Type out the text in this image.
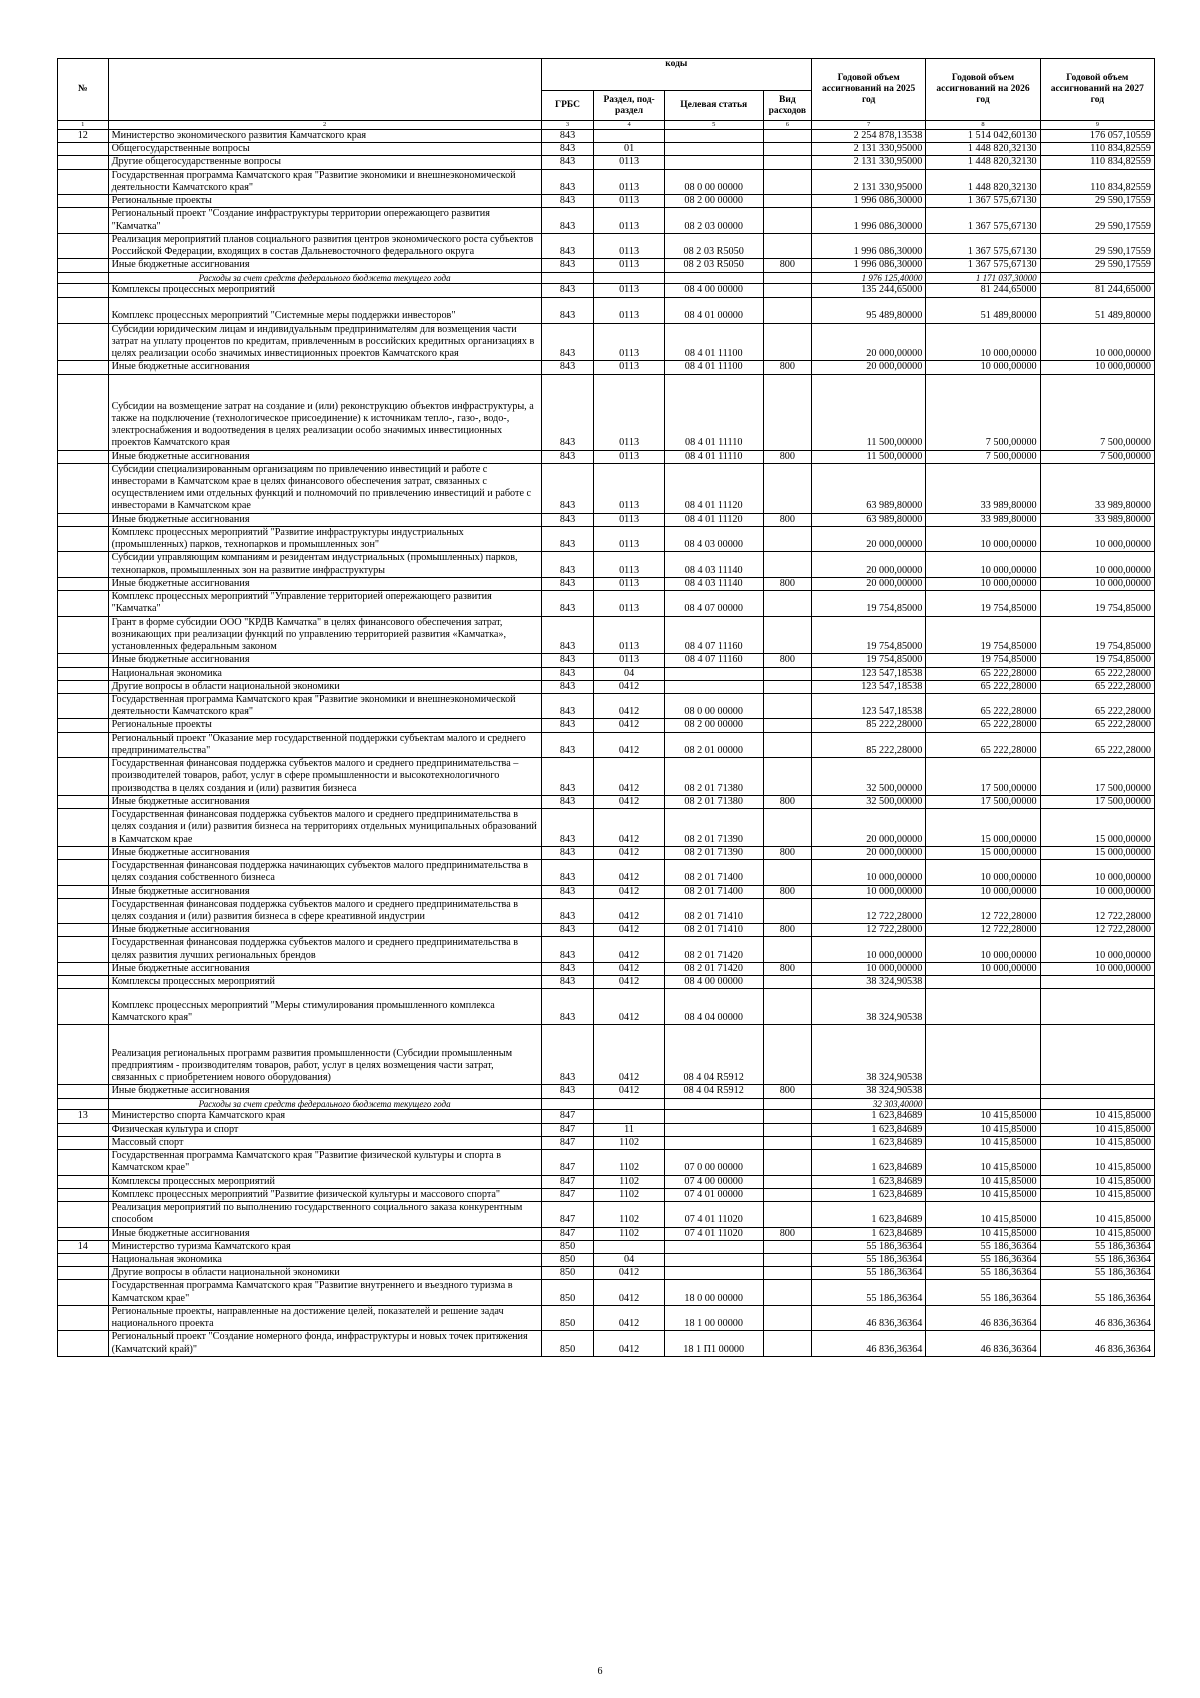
№		коды				Годовой объем ассигнований на 2025 год	Годовой объем ассигнований на 2026 год	Годовой объем ассигнований на 2027 год
		ГРБС	Раздел, под-раздел	Целевая статья	Вид расходов			
1	2	3	4	5	6	7	8	9
12	Министерство экономического развития Камчатского края	843				2 254 878,13538	1 514 042,60130	176 057,10559
	Общегосударственные вопросы	843	01			2 131 330,95000	1 448 820,32130	110 834,82559
	Другие общегосударственные вопросы	843	0113			2 131 330,95000	1 448 820,32130	110 834,82559
	Государственная программа Камчатского края "Развитие экономики и внешнеэкономической деятельности Камчатского края"	843	0113	08 0 00 00000		2 131 330,95000	1 448 820,32130	110 834,82559
	Региональные проекты	843	0113	08 2 00 00000		1 996 086,30000	1 367 575,67130	29 590,17559
	Региональный проект "Создание инфраструктуры территории опережающего развития "Камчатка"	843	0113	08 2 03 00000		1 996 086,30000	1 367 575,67130	29 590,17559
	Реализация мероприятий планов социального развития центров экономического роста субъектов Российской Федерации, входящих в состав Дальневосточного федерального округа	843	0113	08 2 03 R5050		1 996 086,30000	1 367 575,67130	29 590,17559
	Иные бюджетные ассигнования	843	0113	08 2 03 R5050	800	1 996 086,30000	1 367 575,67130	29 590,17559
	Расходы за счет средств федерального бюджета текущего года					1 976 125,40000	1 171 037,30000	
	Комплексы процессных мероприятий	843	0113	08 4 00 00000		135 244,65000	81 244,65000	81 244,65000
	Комплекс процессных мероприятий "Системные меры поддержки инвесторов"	843	0113	08 4 01 00000		95 489,80000	51 489,80000	51 489,80000
	Субсидии юридическим лицам и индивидуальным предпринимателям для возмещения части затрат на уплату процентов по кредитам, привлеченным в российских кредитных организациях в целях реализации особо значимых инвестиционных проектов Камчатского края	843	0113	08 4 01 11100		20 000,00000	10 000,00000	10 000,00000
	Иные бюджетные ассигнования	843	0113	08 4 01 11100	800	20 000,00000	10 000,00000	10 000,00000
	Субсидии на возмещение затрат на создание и (или) реконструкцию объектов инфраструктуры, а также на подключение (технологическое присоединение) к источникам тепло-, газо-, водо-, электроснабжения и водоотведения в целях реализации особо значимых инвестиционных проектов Камчатского края	843	0113	08 4 01 11110		11 500,00000	7 500,00000	7 500,00000
	Иные бюджетные ассигнования	843	0113	08 4 01 11110	800	11 500,00000	7 500,00000	7 500,00000
	Субсидии специализированным организациям по привлечению инвестиций и работе с инвесторами в Камчатском крае в целях финансового обеспечения затрат, связанных с осуществлением ими отдельных функций и полномочий по привлечению инвестиций и работе с инвесторами в Камчатском крае	843	0113	08 4 01 11120		63 989,80000	33 989,80000	33 989,80000
	Иные бюджетные ассигнования	843	0113	08 4 01 11120	800	63 989,80000	33 989,80000	33 989,80000
	Комплекс процессных мероприятий "Развитие инфраструктуры индустриальных (промышленных) парков, технопарков и промышленных зон"	843	0113	08 4 03 00000		20 000,00000	10 000,00000	10 000,00000
	Субсидии управляющим компаниям и резидентам индустриальных (промышленных) парков, технопарков, промышленных зон на развитие инфраструктуры	843	0113	08 4 03 11140		20 000,00000	10 000,00000	10 000,00000
	Иные бюджетные ассигнования	843	0113	08 4 03 11140	800	20 000,00000	10 000,00000	10 000,00000
	Комплекс процессных мероприятий "Управление территорией опережающего развития "Камчатка"	843	0113	08 4 07 00000		19 754,85000	19 754,85000	19 754,85000
	Грант в форме субсидии ООО "КРДВ Камчатка" в целях финансового обеспечения затрат, возникающих при реализации функций по управлению территорией развития «Камчатка», установленных федеральным законом	843	0113	08 4 07 11160		19 754,85000	19 754,85000	19 754,85000
	Иные бюджетные ассигнования	843	0113	08 4 07 11160	800	19 754,85000	19 754,85000	19 754,85000
	Национальная экономика	843	04			123 547,18538	65 222,28000	65 222,28000
	Другие вопросы в области национальной экономики	843	0412			123 547,18538	65 222,28000	65 222,28000
	Государственная программа Камчатского края "Развитие экономики и внешнеэкономической деятельности Камчатского края"	843	0412	08 0 00 00000		123 547,18538	65 222,28000	65 222,28000
	Региональные проекты	843	0412	08 2 00 00000		85 222,28000	65 222,28000	65 222,28000
	Региональный проект "Оказание мер государственной поддержки субъектам малого и среднего предпринимательства"	843	0412	08 2 01 00000		85 222,28000	65 222,28000	65 222,28000
	Государственная финансовая поддержка субъектов малого и среднего предпринимательства – производителей товаров, работ, услуг в сфере промышленности и высокотехнологичного производства в целях создания и (или) развития бизнеса	843	0412	08 2 01 71380		32 500,00000	17 500,00000	17 500,00000
	Иные бюджетные ассигнования	843	0412	08 2 01 71380	800	32 500,00000	17 500,00000	17 500,00000
	Государственная финансовая поддержка субъектов малого и среднего предпринимательства в целях создания и (или) развития бизнеса на территориях отдельных муниципальных образований в Камчатском крае	843	0412	08 2 01 71390		20 000,00000	15 000,00000	15 000,00000
	Иные бюджетные ассигнования	843	0412	08 2 01 71390	800	20 000,00000	15 000,00000	15 000,00000
	Государственная финансовая поддержка начинающих субъектов малого предпринимательства в целях создания собственного бизнеса	843	0412	08 2 01 71400		10 000,00000	10 000,00000	10 000,00000
	Иные бюджетные ассигнования	843	0412	08 2 01 71400	800	10 000,00000	10 000,00000	10 000,00000
	Государственная финансовая поддержка субъектов малого и среднего предпринимательства в целях создания и (или) развития бизнеса в сфере креативной индустрии	843	0412	08 2 01 71410		12 722,28000	12 722,28000	12 722,28000
	Иные бюджетные ассигнования	843	0412	08 2 01 71410	800	12 722,28000	12 722,28000	12 722,28000
	Государственная финансовая поддержка субъектов малого и среднего предпринимательства в целях развития лучших региональных брендов	843	0412	08 2 01 71420		10 000,00000	10 000,00000	10 000,00000
	Иные бюджетные ассигнования	843	0412	08 2 01 71420	800	10 000,00000	10 000,00000	10 000,00000
	Комплексы процессных мероприятий	843	0412	08 4 00 00000		38 324,90538		
	Комплекс процессных мероприятий "Меры стимулирования промышленного комплекса Камчатского края"	843	0412	08 4 04 00000		38 324,90538		
	Реализация региональных программ развития промышленности (Субсидии промышленным предприятиям - производителям товаров, работ, услуг в целях возмещения части затрат, связанных с приобретением нового оборудования)	843	0412	08 4 04 R5912		38 324,90538		
	Иные бюджетные ассигнования	843	0412	08 4 04 R5912	800	38 324,90538		
	Расходы за счет средств федерального бюджета текущего года					32 303,40000		
13	Министерство спорта Камчатского края	847				1 623,84689	10 415,85000	10 415,85000
	Физическая культура и спорт	847	11			1 623,84689	10 415,85000	10 415,85000
	Массовый спорт	847	1102			1 623,84689	10 415,85000	10 415,85000
	Государственная программа Камчатского края "Развитие физической культуры и спорта в Камчатском крае"	847	1102	07 0 00 00000		1 623,84689	10 415,85000	10 415,85000
	Комплексы процессных мероприятий	847	1102	07 4 00 00000		1 623,84689	10 415,85000	10 415,85000
	Комплекс процессных мероприятий "Развитие физической культуры и массового спорта"	847	1102	07 4 01 00000		1 623,84689	10 415,85000	10 415,85000
	Реализация мероприятий по выполнению государственного социального заказа конкурентным способом	847	1102	07 4 01 11020		1 623,84689	10 415,85000	10 415,85000
	Иные бюджетные ассигнования	847	1102	07 4 01 11020	800	1 623,84689	10 415,85000	10 415,85000
14	Министерство туризма Камчатского края	850				55 186,36364	55 186,36364	55 186,36364
	Национальная экономика	850	04			55 186,36364	55 186,36364	55 186,36364
	Другие вопросы в области национальной экономики	850	0412			55 186,36364	55 186,36364	55 186,36364
	Государственная программа Камчатского края "Развитие внутреннего и въездного туризма в Камчатском крае"	850	0412	18 0 00 00000		55 186,36364	55 186,36364	55 186,36364
	Региональные проекты, направленные на достижение целей, показателей и решение задач национального проекта	850	0412	18 1 00 00000		46 836,36364	46 836,36364	46 836,36364
	Региональный проект "Создание номерного фонда, инфраструктуры и новых точек притяжения (Камчатский край)"	850	0412	18 1 П1 00000		46 836,36364	46 836,36364	46 836,36364
6
